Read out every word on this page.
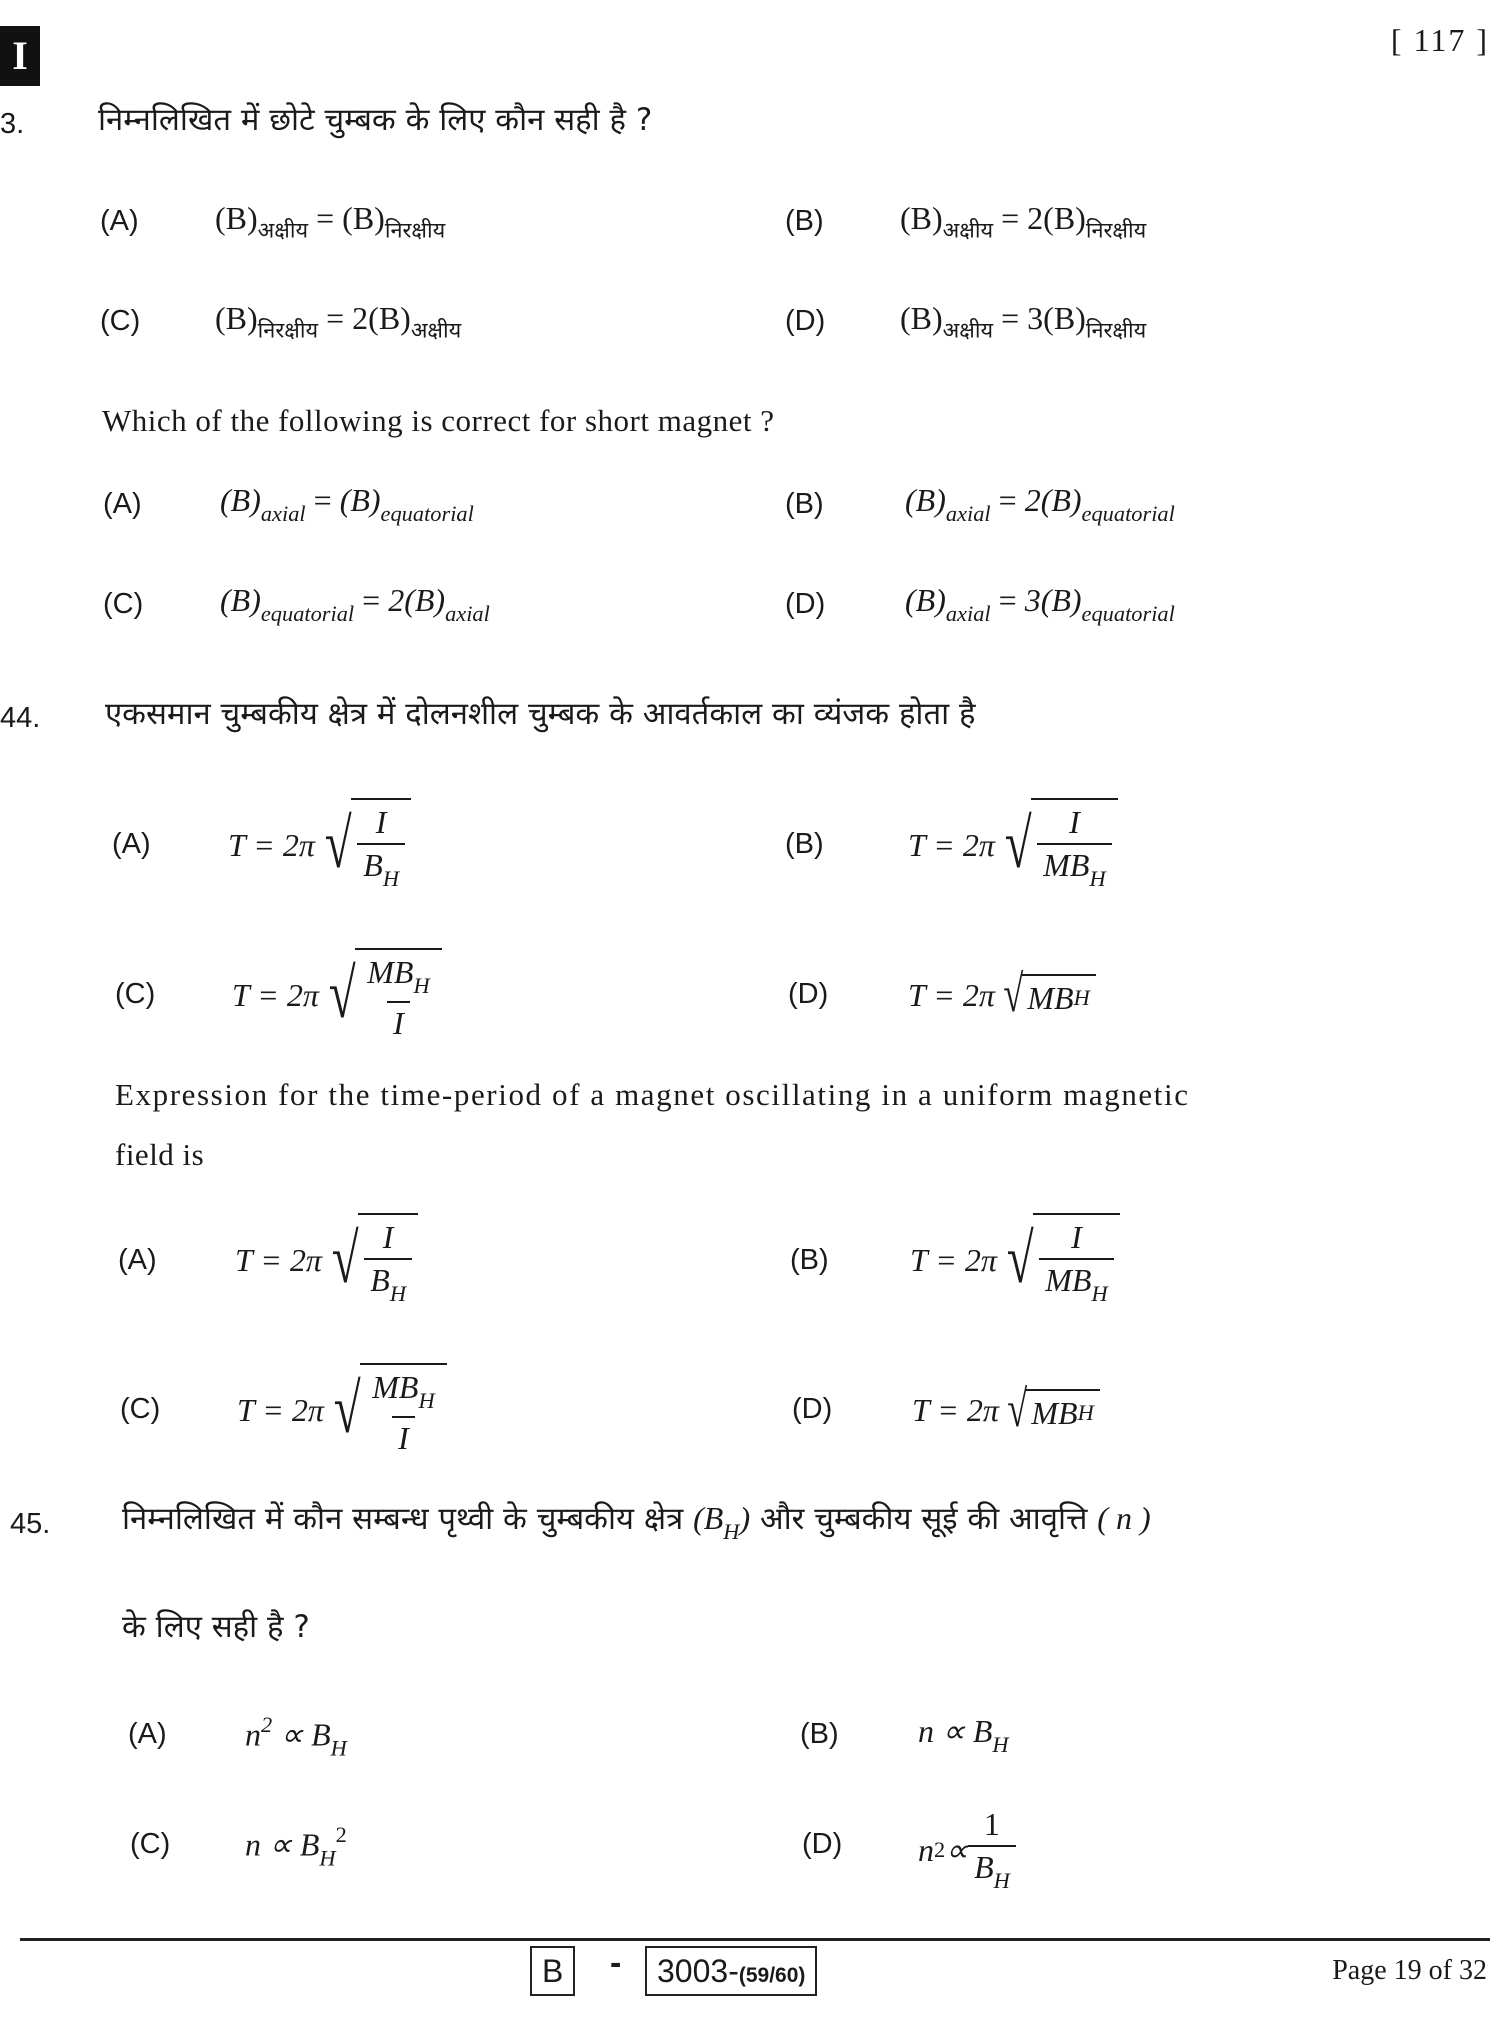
I	[ 117 ]
3. निम्नलिखित में छोटे चुम्बक के लिए कौन सही है ?
(A) $(B)_{अक्षीय} = (B)_{निरक्षीय}$	(B) $(B)_{अक्षीय} = 2(B)_{निरक्षीय}$
(C) $(B)_{निरक्षीय} = 2(B)_{अक्षीय}$	(D) $(B)_{अक्षीय} = 3(B)_{निरक्षीय}$
Which of the following is correct for short magnet ?
(A) $(B)_{axial} = (B)_{equatorial}$	(B)	$(B)_{axial} = 2(B)_{equatorial}$
(C) $(B)_{equatorial} = 2(B)_{axial}$	(D) $(B)_{axial} = 3(B)_{equatorial}$
44. एकसमान चुम्बकीय क्षेत्र में दोलनशील चुम्बक के आवर्तकाल का व्यंजक होता है
(A) T = 2π √ $\frac{I}{B_H}$	(B)	T = 2π √ $\frac{I}{MB_H}$
(C) T = 2π √ $\frac{MB_H}{I}$	(D) T = 2π √ MB H
Expression for the time-period of a magnet oscillating in a uniform magnetic
field is
(A) T = 2π √ $\frac{I}{B_H}$	(B)	T = 2π √ $\frac{I}{MB_H}$
(C) T = 2π √ $\frac{MB_H}{I}$	(D) T = 2π √ MB H
45. निम्नलिखित में कौन सम्बन्ध पृथ्वी के चुम्बकीय क्षेत्र $(B_H)$ और चुम्बकीय सूई की आवृत्ति ( n )
के लिए सही है ?
(A) $n^2 \propto B_H$	(B) $n \propto B_H$
(C) $n \propto B_H^2$	(D) n $2 \propto \frac{1}{B_H}$
B	-	3003-(59/60)	Page 19 of 32
